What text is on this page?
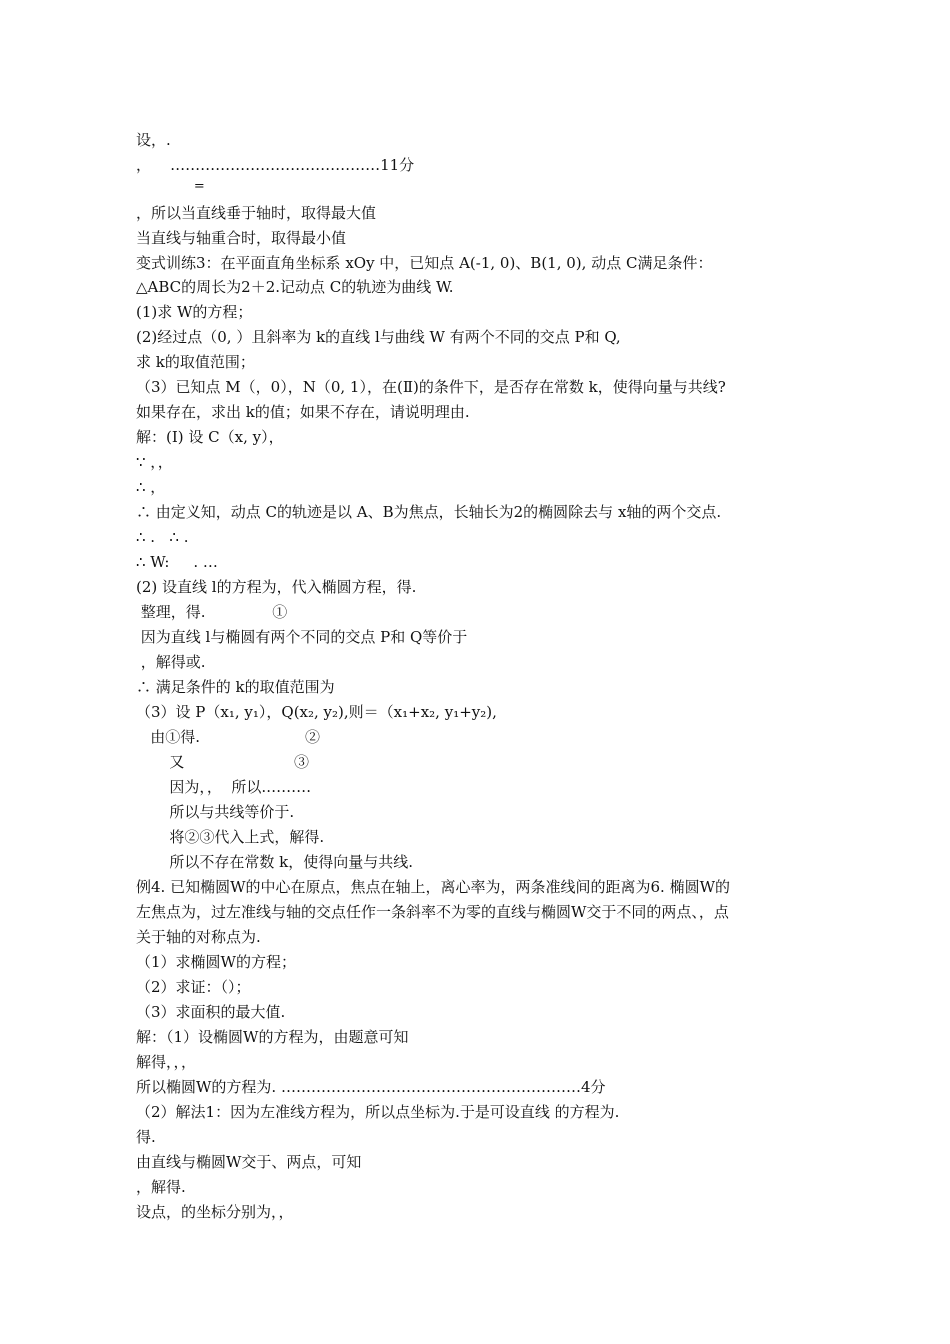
设，.
，    ……………………………………11分
=
，所以当直线垂于轴时，取得最大值
当直线与轴重合时，取得最小值
变式训练3：在平面直角坐标系 xOy 中，已知点 A(-1, 0)、B(1, 0), 动点 C满足条件：
△ABC的周长为2＋2.记动点 C的轨迹为曲线 W.
(1)求 W的方程；
(2)经过点（0, ）且斜率为 k的直线 l与曲线 W 有两个不同的交点 P和 Q,
求 k的取值范围；
（3）已知点 M（，0），N（0, 1），在(Ⅱ)的条件下，是否存在常数 k，使得向量与共线?
如果存在，求出 k的值；如果不存在，请说明理由.
解：(Ⅰ) 设 C（x, y），
∵ ，，
∴ ，
∴ 由定义知，动点 C的轨迹是以 A、B为焦点，长轴长为2的椭圆除去与 x轴的两个交点.
∴ .   ∴ .
∴ W:     . …
(2) 设直线 l的方程为，代入椭圆方程，得.
整理，得.              ①
因为直线 l与椭圆有两个不同的交点 P和 Q等价于
，解得或.
∴ 满足条件的 k的取值范围为
（3）设 P（x₁, y₁），Q(x₂, y₂),则＝（x₁+x₂, y₁+y₂),
由①得.                      ②
又                       ③
因为，，  所以.………
所以与共线等价于.
将②③代入上式，解得.
所以不存在常数 k，使得向量与共线.
例4. 已知椭圆W的中心在原点，焦点在轴上，离心率为，两条准线间的距离为6. 椭圆W的
左焦点为，过左准线与轴的交点任作一条斜率不为零的直线与椭圆W交于不同的两点、，点
关于轴的对称点为.
（1）求椭圆W的方程；
（2）求证：（）；
（3）求面积的最大值.
解：（1）设椭圆W的方程为，由题意可知
解得，，，
所以椭圆W的方程为. ……………………………………………………4分
（2）解法1：因为左准线方程为，所以点坐标为.于是可设直线 的方程为.
得.
由直线与椭圆W交于、两点，可知
，解得.
设点，的坐标分别为，，
